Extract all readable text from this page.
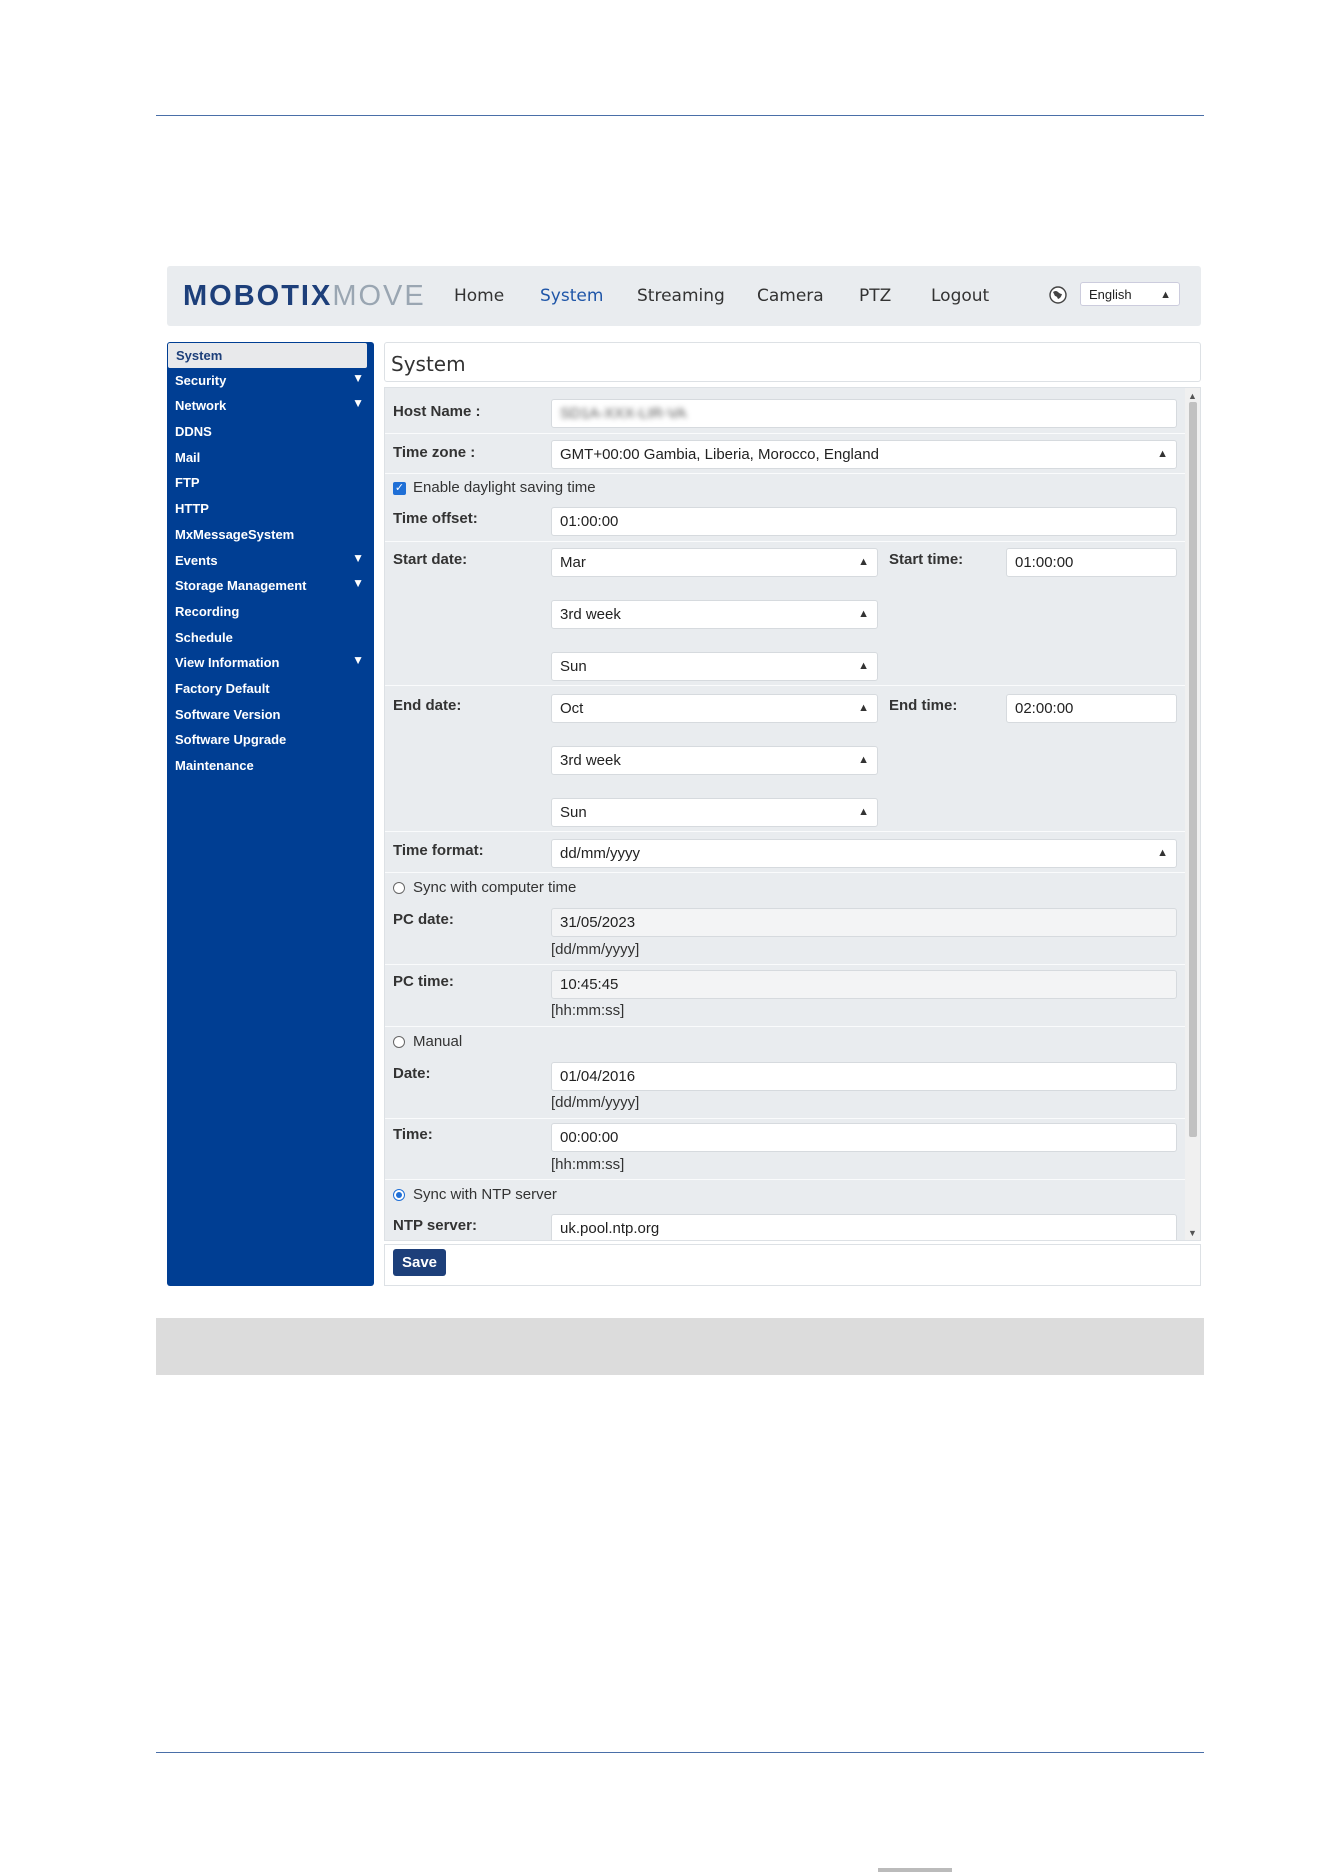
MOBOTIXMOVE Home System Streaming Camera PTZ Logout	English	▲︎
System
Security	▼
Network	▼
DDNS
Mail
FTP
HTTP
MxMessageSystem
Events	▼
Storage Management	▼
Recording
Schedule
View Information	▼
Factory Default
Software Version
Software Upgrade
Maintenance
System
Host Name :	SD1A-XXX-LIR-VA
Time zone :	GMT+00:00 Gambia, Liberia, Morocco, England	▲︎
✓ Enable daylight saving time
Time offset:	01:00:00
Start date:	Mar	▲︎ Start time:	01:00:00
3rd week	▲︎
Sun	▲︎
End date:	Oct	▲︎ End time:	02:00:00
3rd week	▲︎
Sun	▲︎
Time format:	dd/mm/yyyy	▲︎
Sync with computer time
PC date:	31/05/2023
[dd/mm/yyyy]
PC time:	10:45:45
[hh:mm:ss]
Manual
Date:	01/04/2016
[dd/mm/yyyy]
Time:	00:00:00
[hh:mm:ss]
Sync with NTP server
NTP server:	uk.pool.ntp.org
▲
▼
Save
